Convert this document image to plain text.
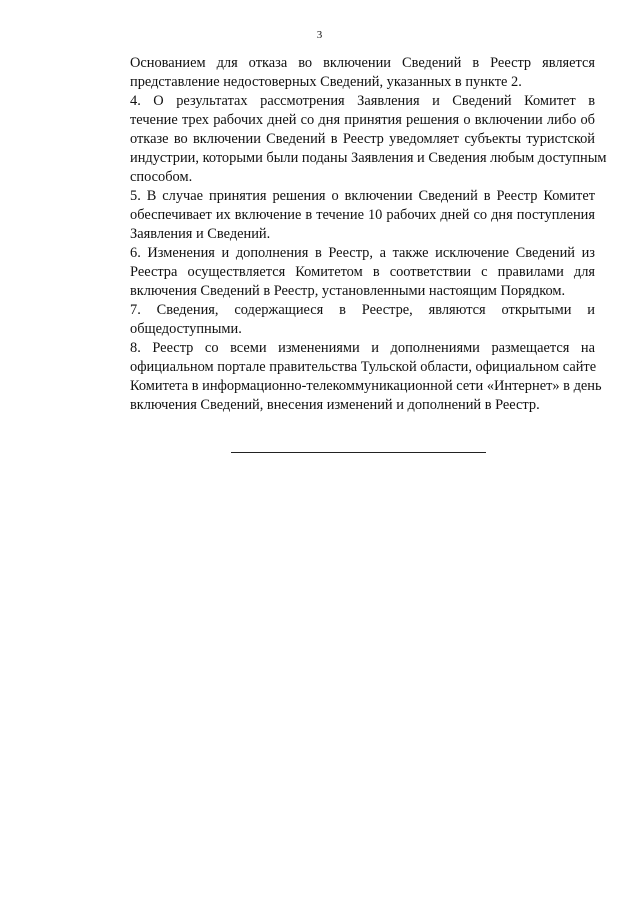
3

Основанием для отказа во включении Сведений в Реестр является
представление недостоверных Сведений, указанных в пункте 2.

4. О результатах рассмотрения Заявления и Сведений Комитет в
течение трех рабочих дней со дня принятия решения о включении либо об
отказе во включении Сведений в Реестр уведомляет субъекты туристской
индустрии, которыми были поданы Заявления и Сведения любым доступным
способом.

5. В случае принятия решения о включении Сведений в Реестр Комитет
обеспечивает их включение в течение 10 рабочих дней со дня поступления
Заявления и Сведений.

6. Изменения и дополнения в Реестр, а также исключение Сведений из
Реестра осуществляется Комитетом в соответствии с правилами для
включения Сведений в Реестр, установленными настоящим Порядком.

7. Сведения, содержащиеся в Реестре, являются открытыми и
общедоступными.

8. Реестр со всеми изменениями и дополнениями размещается на
официальном портале правительства Тульской области, официальном сайте
Комитета в информационно-телекоммуникационной сети «Интернет» в день
включения Сведений, внесения изменений и дополнений в Реестр.
